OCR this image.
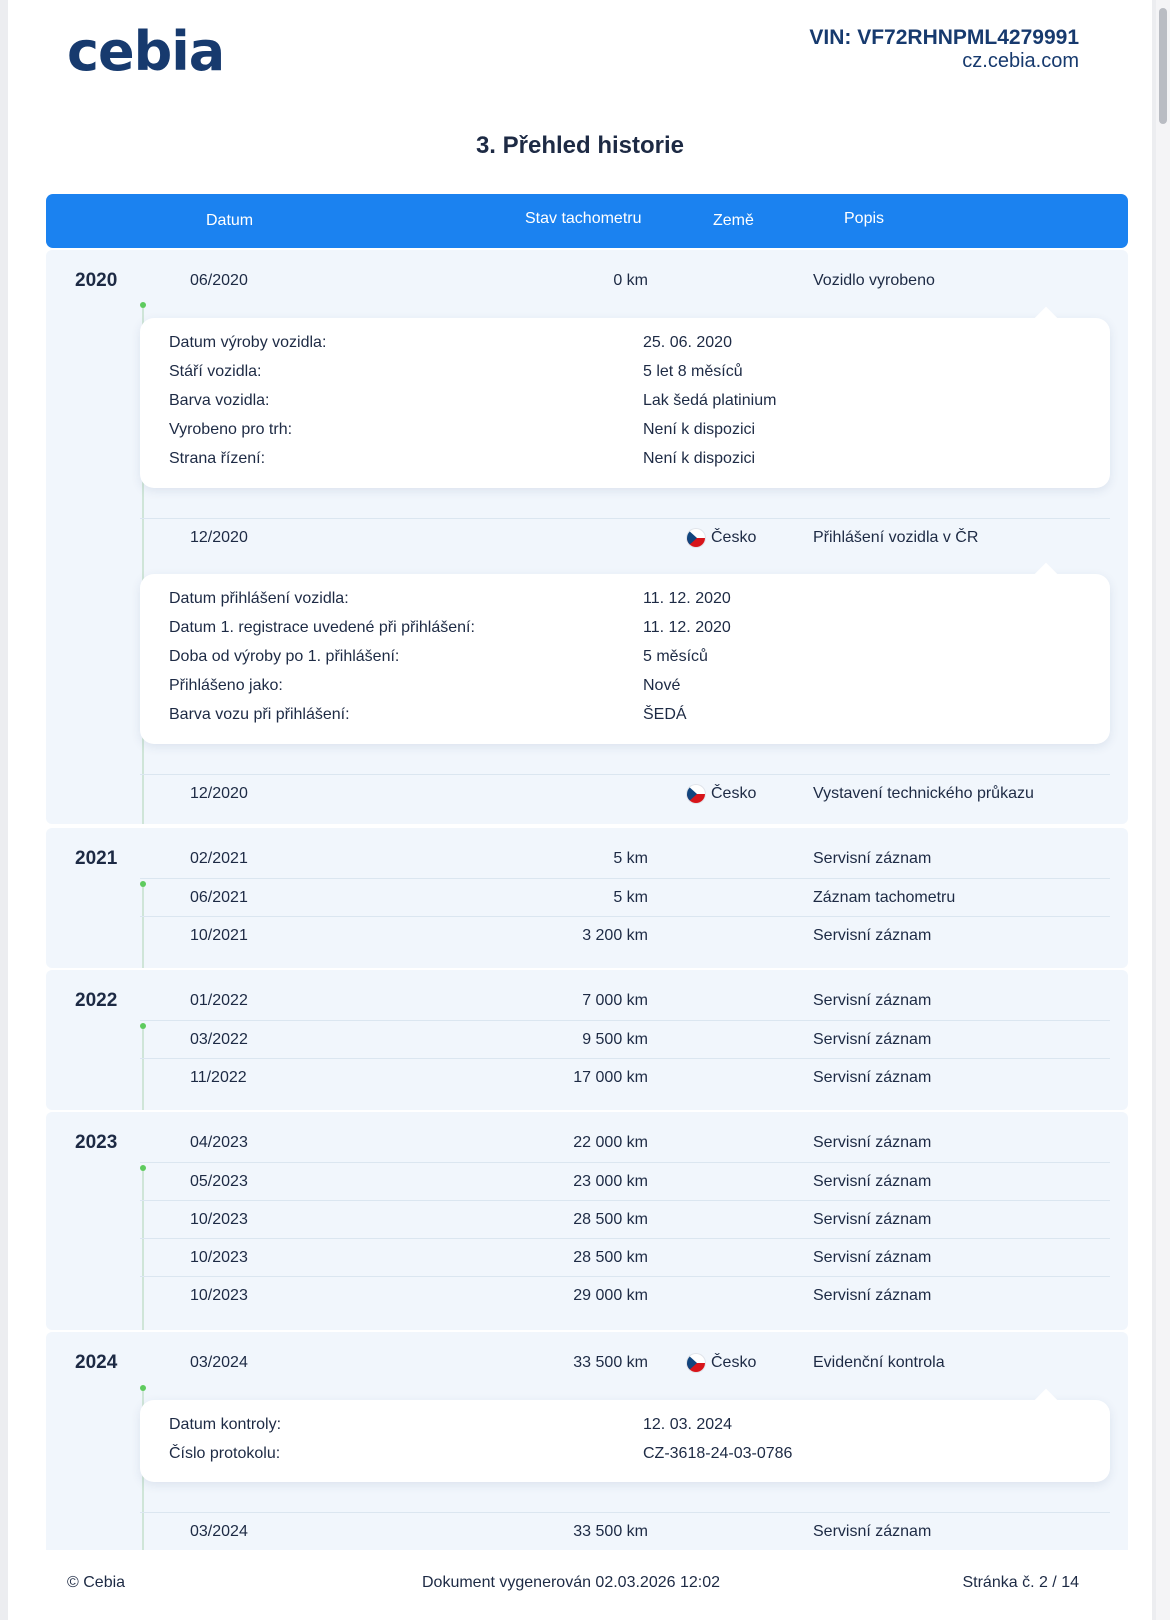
cebia	VIN: VF72RHNPML4279991
cz.cebia.com
3. Přehled historie
Datum	Stav tachometru	Země	Popis
2020	06/2020	0 km	Vozidlo vyrobeno
Datum výroby vozidla:	25. 06. 2020
Stáří vozidla:	5 let 8 měsíců
Barva vozidla:	Lak šedá platinium
Vyrobeno pro trh:	Není k dispozici
Strana řízení:	Není k dispozici
12/2020	Česko	Přihlášení vozidla v ČR
Datum přihlášení vozidla:	11. 12. 2020
Datum 1. registrace uvedené při přihlášení:	11. 12. 2020
Doba od výroby po 1. přihlášení:	5 měsíců
Přihlášeno jako:	Nové
Barva vozu při přihlášení:	ŠEDÁ
12/2020	Česko	Vystavení technického průkazu
2021	02/2021	5 km	Servisní záznam
06/2021	5 km	Záznam tachometru
10/2021	3 200 km	Servisní záznam
2022	01/2022	7 000 km	Servisní záznam
03/2022	9 500 km	Servisní záznam
11/2022	17 000 km	Servisní záznam
2023	04/2023	22 000 km	Servisní záznam
05/2023	23 000 km	Servisní záznam
10/2023	28 500 km	Servisní záznam
10/2023	28 500 km	Servisní záznam
10/2023	29 000 km	Servisní záznam
2024	03/2024	33 500 km	Česko	Evidenční kontrola
Datum kontroly:	12. 03. 2024
Číslo protokolu:	CZ-3618-24-03-0786
03/2024	33 500 km	Servisní záznam
© Cebia	Dokument vygenerován 02.03.2026 12:02	Stránka č. 2 / 14
